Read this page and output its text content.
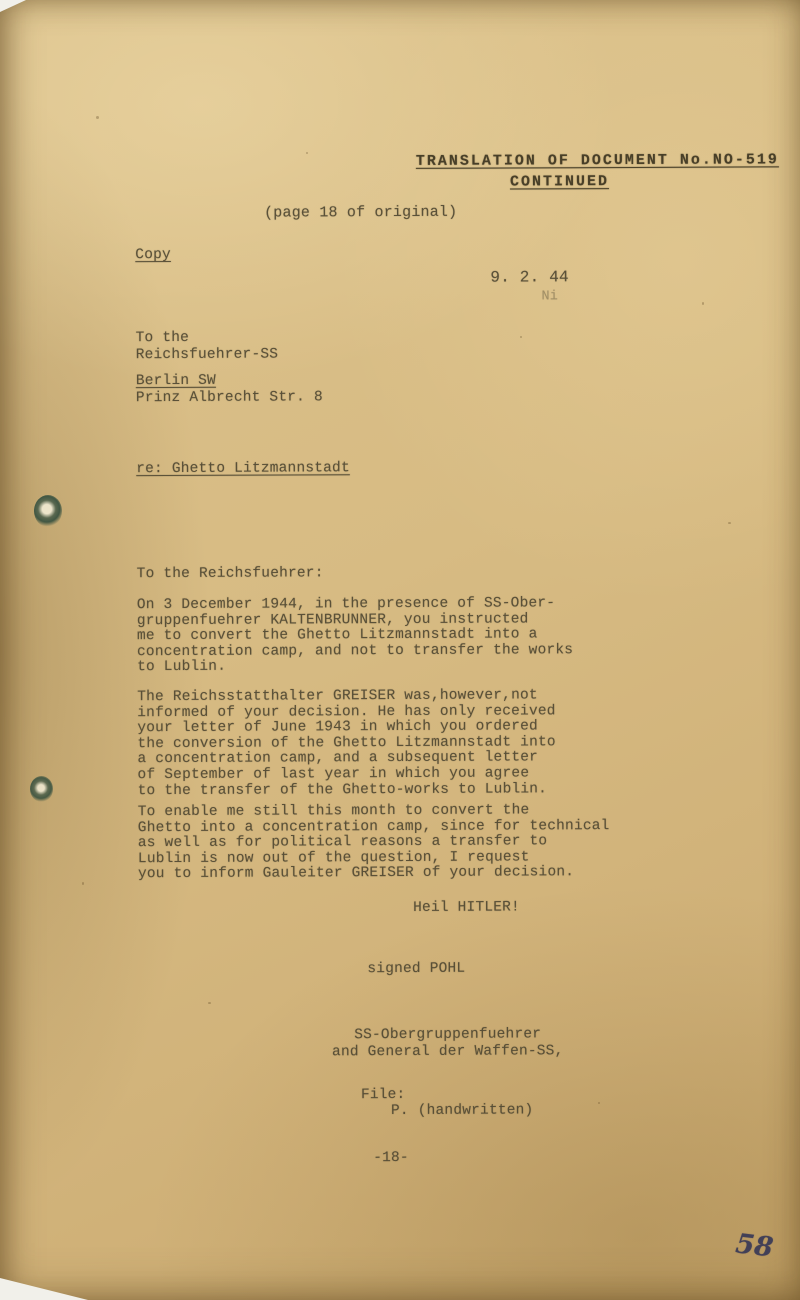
TRANSLATION OF DOCUMENT No.NO-519
CONTINUED
(page 18 of original)
Copy
9. 2. 44
Ni
To the
Reichsfuehrer-SS
Berlin SW
Prinz Albrecht Str. 8
re: Ghetto Litzmannstadt
To the Reichsfuehrer:
On 3 December 1944, in the presence of SS-Ober-
gruppenfuehrer KALTENBRUNNER, you instructed
me to convert the Ghetto Litzmannstadt into a
concentration camp, and not to transfer the works
to Lublin.
The Reichsstatthalter GREISER was,however,not
informed of your decision. He has only received
your letter of June 1943 in which you ordered
the conversion of the Ghetto Litzmannstadt into
a concentration camp, and a subsequent letter
of September of last year in which you agree
to the transfer of the Ghetto-works to Lublin.
To enable me still this month to convert the
Ghetto into a concentration camp, since for technical
as well as for political reasons a transfer to
Lublin is now out of the question, I request
you to inform Gauleiter GREISER of your decision.
Heil HITLER!
signed POHL
SS-Obergruppenfuehrer
and General der Waffen-SS,
File:
P. (handwritten)
-18-
58
